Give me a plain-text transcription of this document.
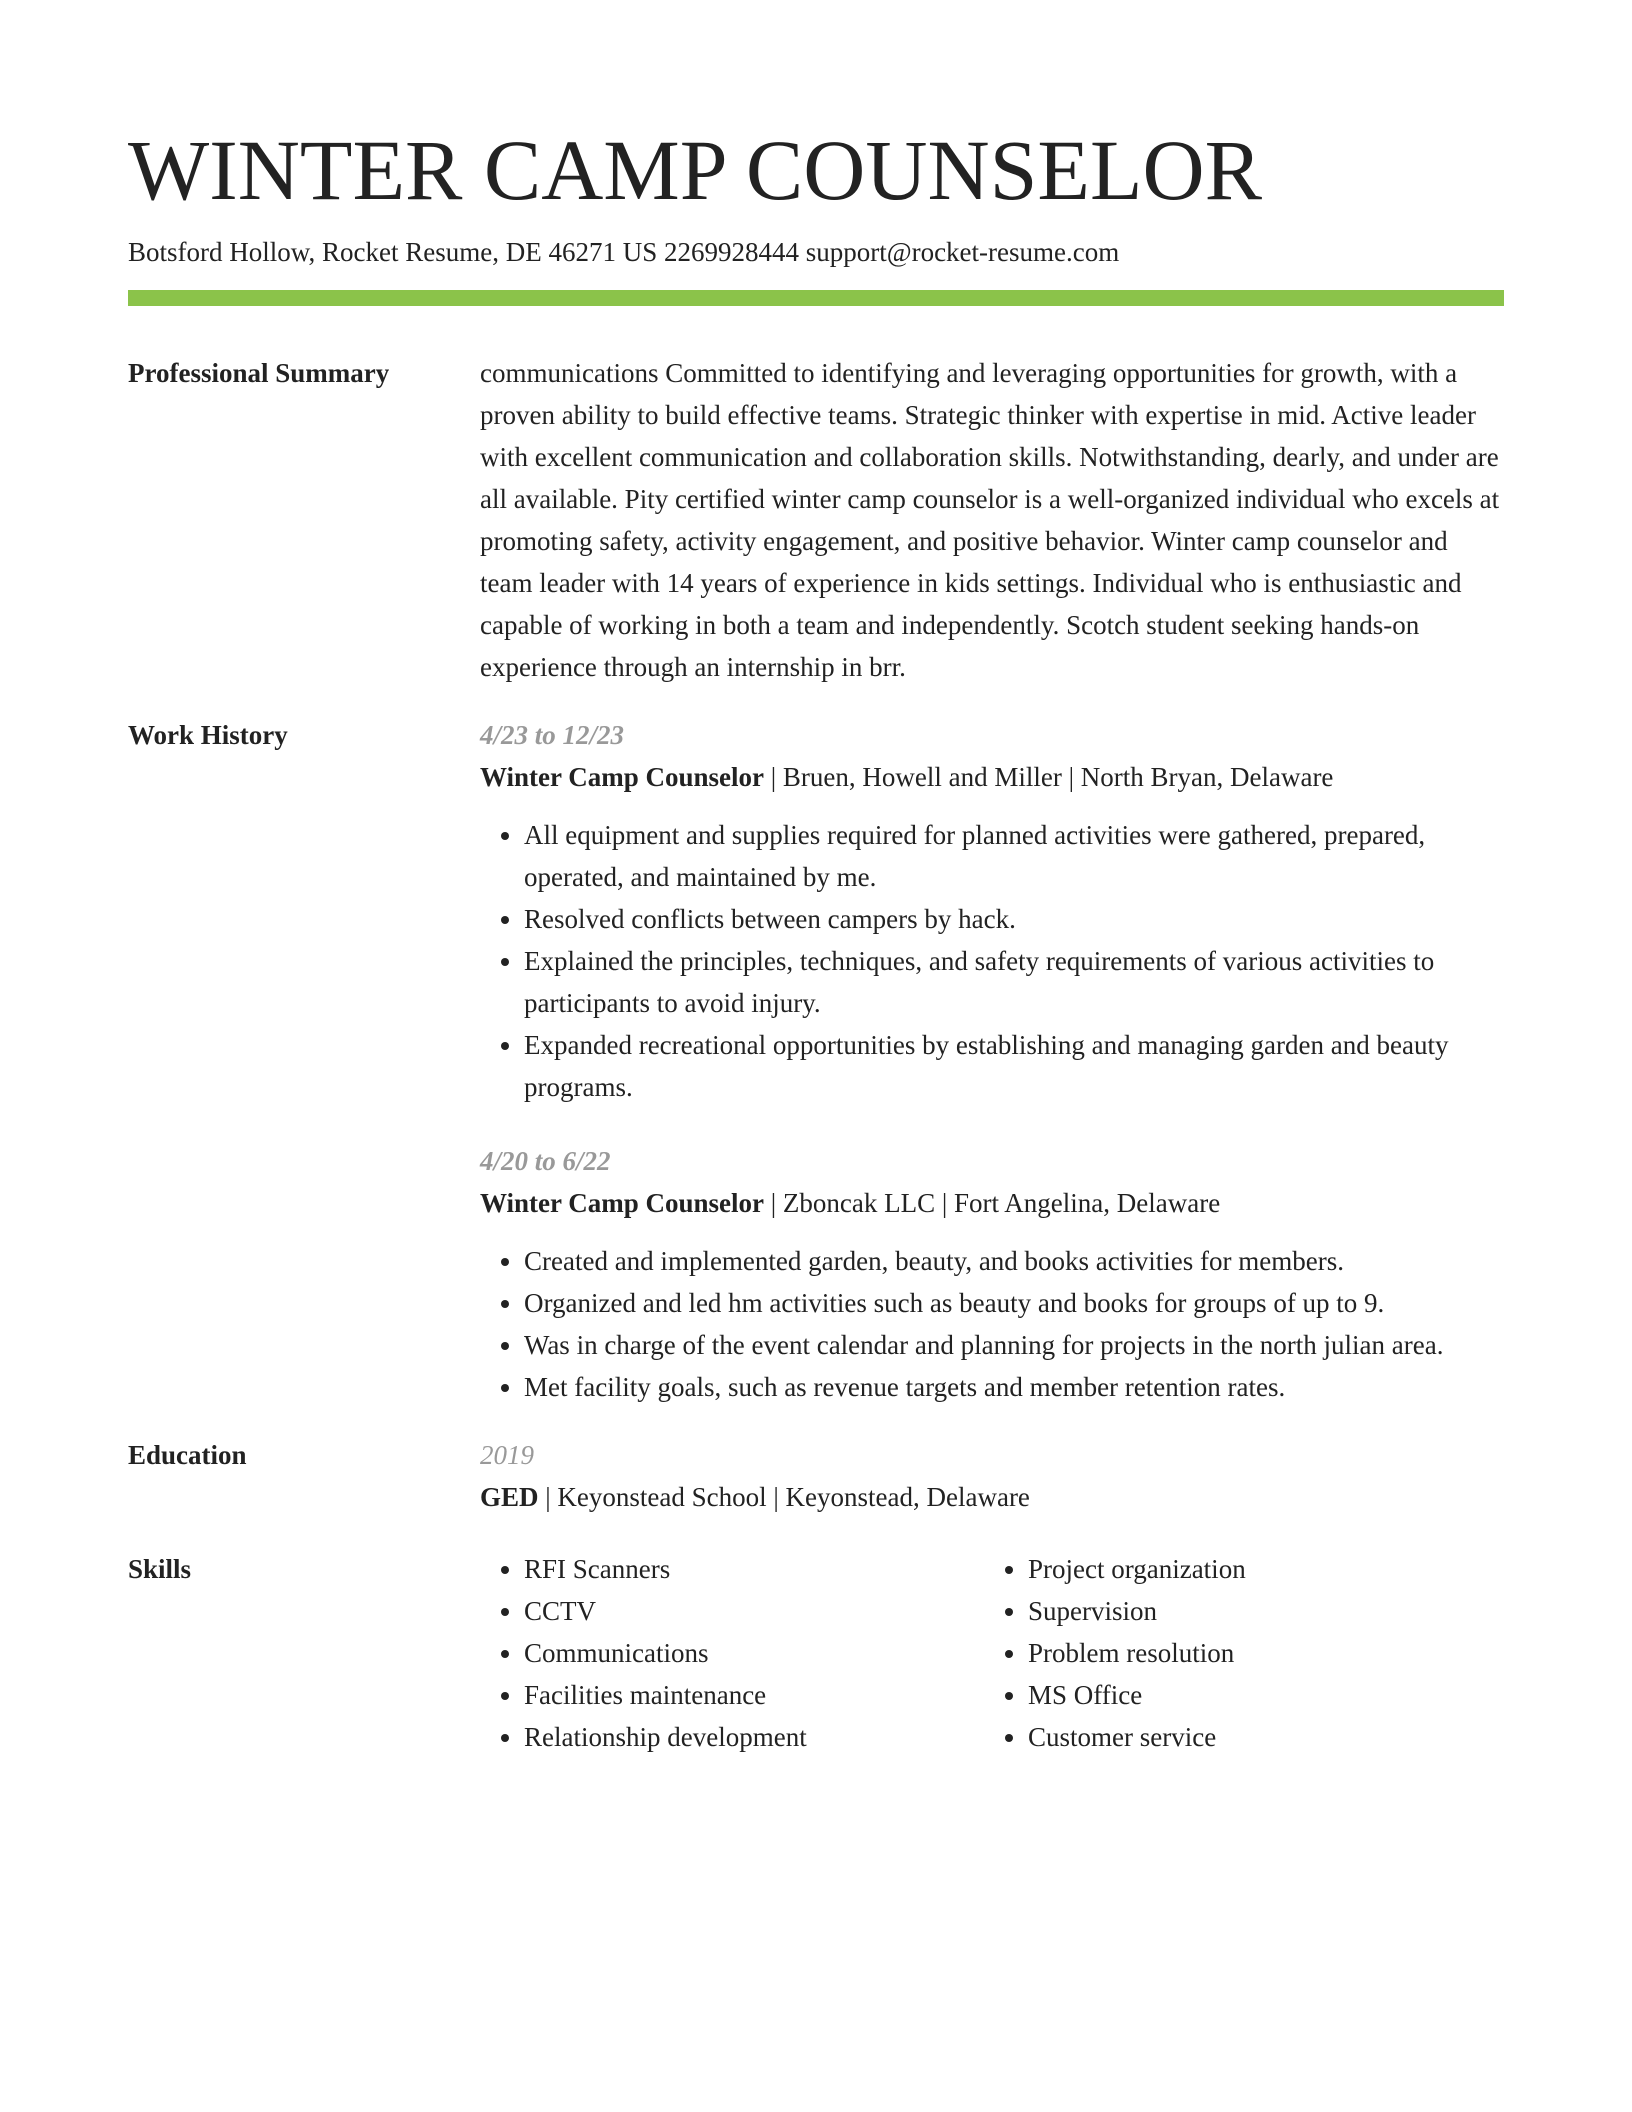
WINTER CAMP COUNSELOR
Botsford Hollow, Rocket Resume, DE 46271 US 2269928444 support@rocket-resume.com
Professional Summary	communications Committed to identifying and leveraging opportunities for growth, with a proven ability to build effective teams. Strategic thinker with expertise in mid. Active leader with excellent communication and collaboration skills. Notwithstanding, dearly, and under are all available. Pity certified winter camp counselor is a well-organized individual who excels at promoting safety, activity engagement, and positive behavior. Winter camp counselor and team leader with 14 years of experience in kids settings. Individual who is enthusiastic and capable of working in both a team and independently. Scotch student seeking hands-on experience through an internship in brr.

Work History	4/23 to 12/23
Winter Camp Counselor | Bruen, Howell and Miller | North Bryan, Delaware
• All equipment and supplies required for planned activities were gathered, prepared, operated, and maintained by me.
• Resolved conflicts between campers by hack.
• Explained the principles, techniques, and safety requirements of various activities to participants to avoid injury.
• Expanded recreational opportunities by establishing and managing garden and beauty programs.
4/20 to 6/22
Winter Camp Counselor | Zboncak LLC | Fort Angelina, Delaware
• Created and implemented garden, beauty, and books activities for members.
• Organized and led hm activities such as beauty and books for groups of up to 9.
• Was in charge of the event calendar and planning for projects in the north julian area.
• Met facility goals, such as revenue targets and member retention rates.
Education	2019
GED | Keyonstead School | Keyonstead, Delaware
Skills
•	RFI Scanners
• CCTV
• Communications
• Facilities maintenance
• Relationship development
• Project organization
• Supervision
• Problem resolution
• MS Office
• Customer service
